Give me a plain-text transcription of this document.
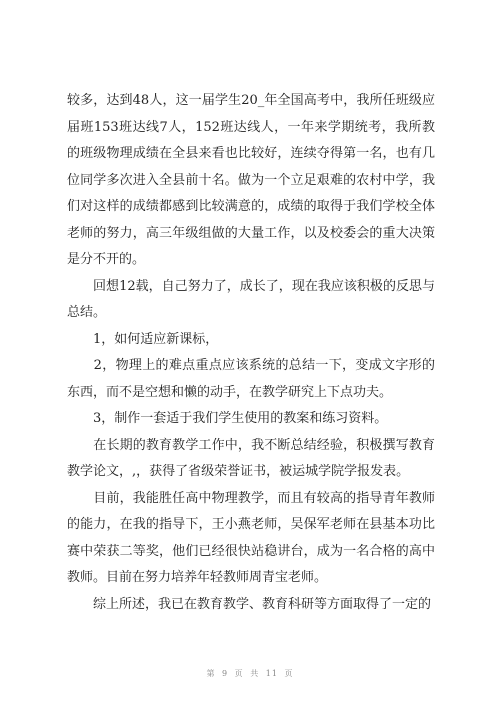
较多，达到48人，这一届学生20_年全国高考中，我所任班级应届班153班达线7人，152班达线人，一年来学期统考，我所教的班级物理成绩在全县来看也比较好，连续夺得第一名，也有几位同学多次进入全县前十名。做为一个立足艰难的农村中学，我们对这样的成绩都感到比较满意的，成绩的取得于我们学校全体老师的努力，高三年级组做的大量工作，以及校委会的重大决策是分不开的。

　　回想12载，自己努力了，成长了，现在我应该积极的反思与总结。

　　1，如何适应新课标，

　　2，物理上的难点重点应该系统的总结一下，变成文字形的东西，而不是空想和懒的动手，在教学研究上下点功夫。

　　3，制作一套适于我们学生使用的教案和练习资料。

　　在长期的教育教学工作中，我不断总结经验，积极撰写教育教学论文，,，获得了省级荣誉证书，被运城学院学报发表。

　　目前，我能胜任高中物理教学，而且有较高的指导青年教师的能力，在我的指导下，王小燕老师，吴保军老师在县基本功比赛中荣获二等奖，他们已经很快站稳讲台，成为一名合格的高中教师。目前在努力培养年轻教师周青宝老师。

　　综上所述，我已在教育教学、教育科研等方面取得了一定的

第 9 页 共 11 页
